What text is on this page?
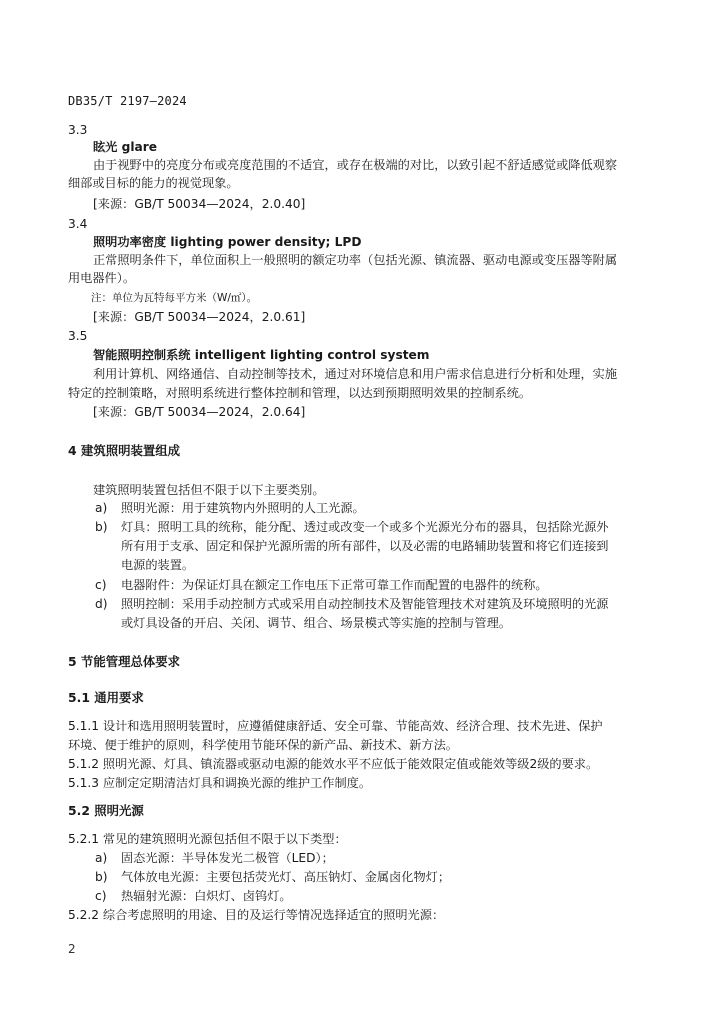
DB35/T 2197—2024
3.3
眩光 glare
由于视野中的亮度分布或亮度范围的不适宜，或存在极端的对比，以致引起不舒适感觉或降低观察
细部或目标的能力的视觉现象。
[来源：GB/T 50034—2024，2.0.40]
3.4
照明功率密度 lighting power density; LPD
正常照明条件下，单位面积上一般照明的额定功率（包括光源、镇流器、驱动电源或变压器等附属
用电器件）。
注：单位为瓦特每平方米（W/㎡）。
[来源：GB/T 50034—2024，2.0.61]
3.5
智能照明控制系统 intelligent lighting control system
利用计算机、网络通信、自动控制等技术，通过对环境信息和用户需求信息进行分析和处理，实施
特定的控制策略，对照明系统进行整体控制和管理，以达到预期照明效果的控制系统。
[来源：GB/T 50034—2024，2.0.64]
4 建筑照明装置组成
建筑照明装置包括但不限于以下主要类别。
a) 照明光源：用于建筑物内外照明的人工光源。
b) 灯具：照明工具的统称，能分配、透过或改变一个或多个光源光分布的器具，包括除光源外
所有用于支承、固定和保护光源所需的所有部件，以及必需的电路辅助装置和将它们连接到
电源的装置。
c) 电器附件：为保证灯具在额定工作电压下正常可靠工作而配置的电器件的统称。
d) 照明控制：采用手动控制方式或采用自动控制技术及智能管理技术对建筑及环境照明的光源
或灯具设备的开启、关闭、调节、组合、场景模式等实施的控制与管理。
5 节能管理总体要求
5.1 通用要求
5.1.1 设计和选用照明装置时，应遵循健康舒适、安全可靠、节能高效、经济合理、技术先进、保护
环境、便于维护的原则，科学使用节能环保的新产品、新技术、新方法。
5.1.2 照明光源、灯具、镇流器或驱动电源的能效水平不应低于能效限定值或能效等级2级的要求。
5.1.3 应制定定期清洁灯具和调换光源的维护工作制度。
5.2 照明光源
5.2.1 常见的建筑照明光源包括但不限于以下类型：
a) 固态光源：半导体发光二极管（LED）；
b) 气体放电光源：主要包括荧光灯、高压钠灯、金属卤化物灯；
c) 热辐射光源：白炽灯、卤钨灯。
5.2.2 综合考虑照明的用途、目的及运行等情况选择适宜的照明光源：
2
